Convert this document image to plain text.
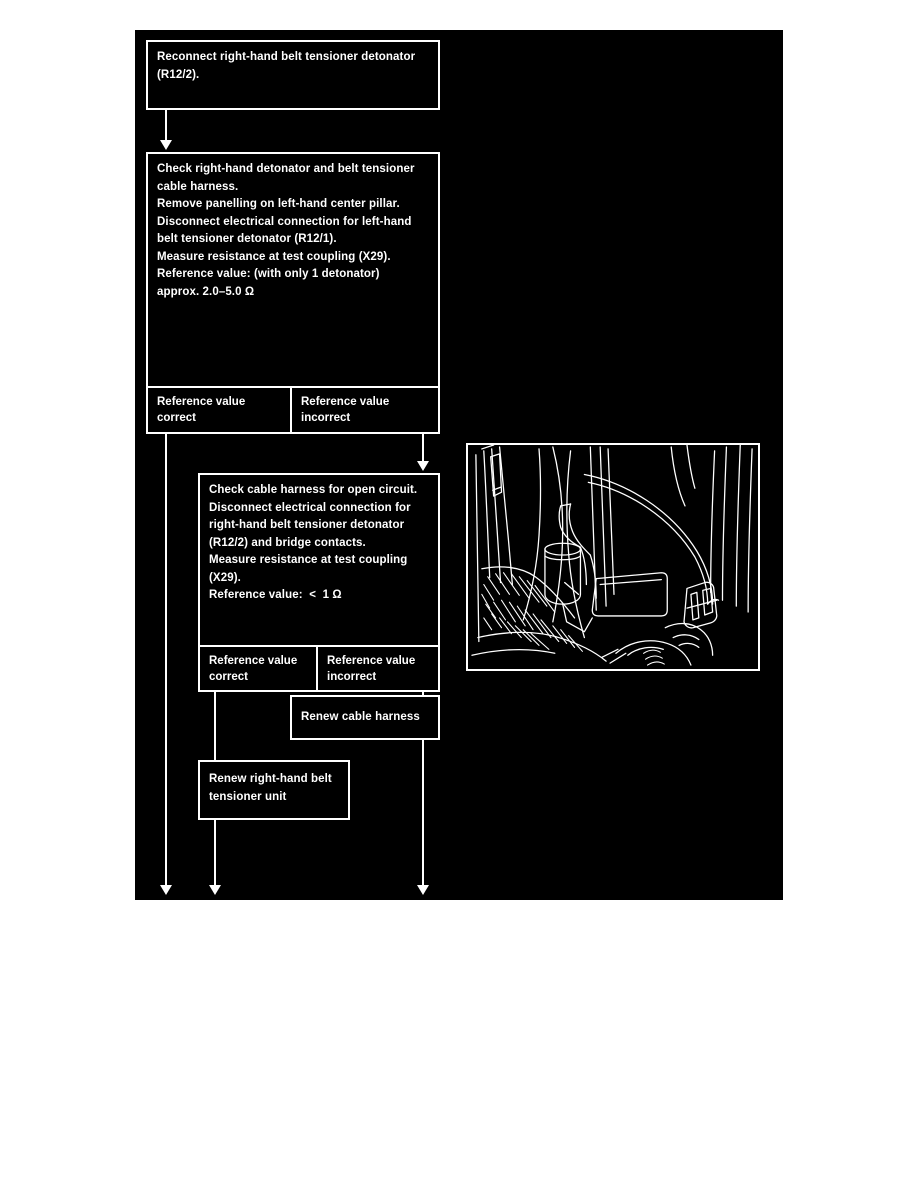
Reconnect right-hand belt tensioner detonator
(R12/2).
Check right-hand detonator and belt tensioner
cable harness.
Remove panelling on left-hand center pillar.
Disconnect electrical connection for left-hand
belt tensioner detonator (R12/1).
Measure resistance at test coupling (X29).
Reference value: (with only 1 detonator)
approx. 2.0–5.0 Ω
Reference value
correct
Reference value
incorrect
Check cable harness for open circuit.
Disconnect electrical connection for
right-hand belt tensioner detonator
(R12/2) and bridge contacts.
Measure resistance at test coupling
(X29).
Reference value:  <  1 Ω
Reference value
correct
Reference value
incorrect
Renew cable harness
Renew right-hand belt
tensioner unit
